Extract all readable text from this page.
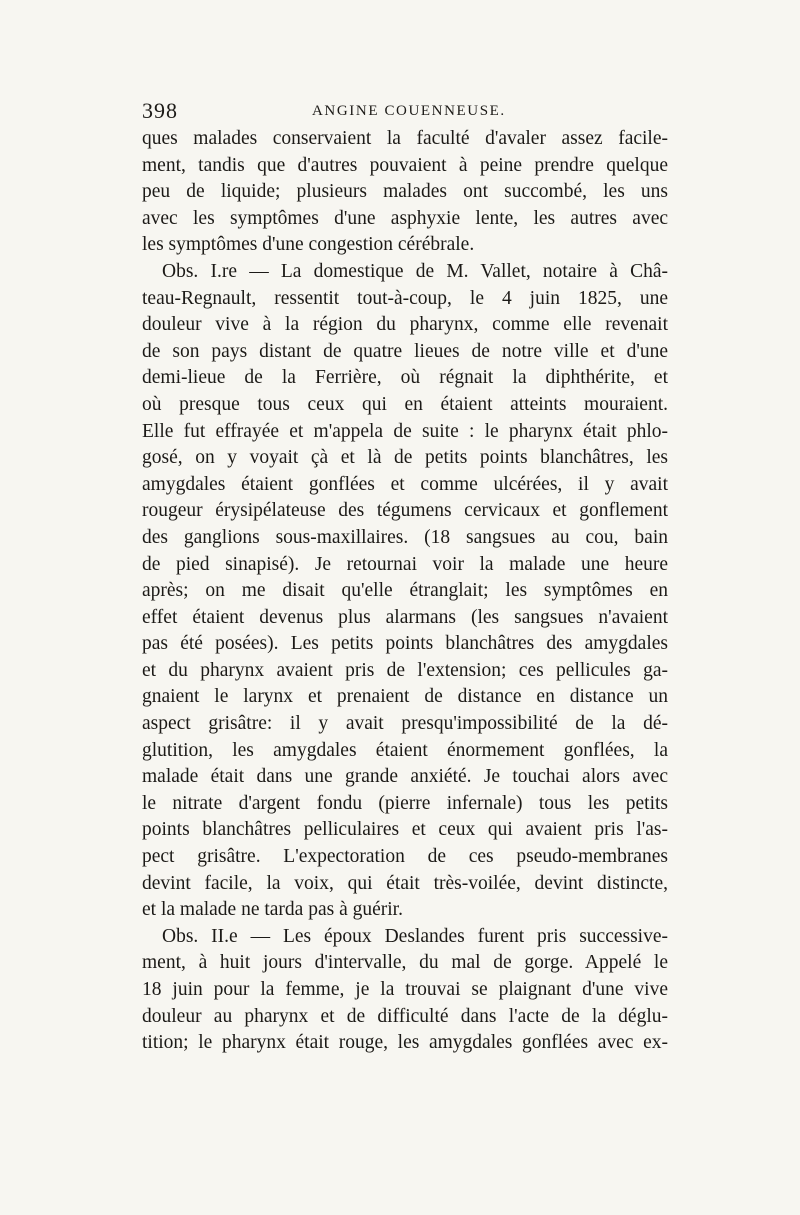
398	ANGINE COUENNEUSE.
ques malades conservaient la faculté d'avaler assez facile-
ment, tandis que d'autres pouvaient à peine prendre quelque
peu de liquide; plusieurs malades ont succombé, les uns
avec les symptômes d'une asphyxie lente, les autres avec
les symptômes d'une congestion cérébrale.
Obs. I.re — La domestique de M. Vallet, notaire à Châ-
teau-Regnault, ressentit tout-à-coup, le 4 juin 1825, une
douleur vive à la région du pharynx, comme elle revenait
de son pays distant de quatre lieues de notre ville et d'une
demi-lieue de la Ferrière, où régnait la diphthérite, et
où presque tous ceux qui en étaient atteints mouraient.
Elle fut effrayée et m'appela de suite : le pharynx était phlo-
gosé, on y voyait çà et là de petits points blanchâtres, les
amygdales étaient gonflées et comme ulcérées, il y avait
rougeur érysipélateuse des tégumens cervicaux et gonflement
des ganglions sous-maxillaires. (18 sangsues au cou, bain
de pied sinapisé). Je retournai voir la malade une heure
après; on me disait qu'elle étranglait; les symptômes en
effet étaient devenus plus alarmans (les sangsues n'avaient
pas été posées). Les petits points blanchâtres des amygdales
et du pharynx avaient pris de l'extension; ces pellicules ga-
gnaient le larynx et prenaient de distance en distance un
aspect grisâtre: il y avait presqu'impossibilité de la dé-
glutition, les amygdales étaient énormement gonflées, la
malade était dans une grande anxiété. Je touchai alors avec
le nitrate d'argent fondu (pierre infernale) tous les petits
points blanchâtres pelliculaires et ceux qui avaient pris l'as-
pect grisâtre. L'expectoration de ces pseudo-membranes
devint facile, la voix, qui était très-voilée, devint distincte,
et la malade ne tarda pas à guérir.
Obs. II.e — Les époux Deslandes furent pris successive-
ment, à huit jours d'intervalle, du mal de gorge. Appelé le
18 juin pour la femme, je la trouvai se plaignant d'une vive
douleur au pharynx et de difficulté dans l'acte de la déglu-
tition; le pharynx était rouge, les amygdales gonflées avec ex-
